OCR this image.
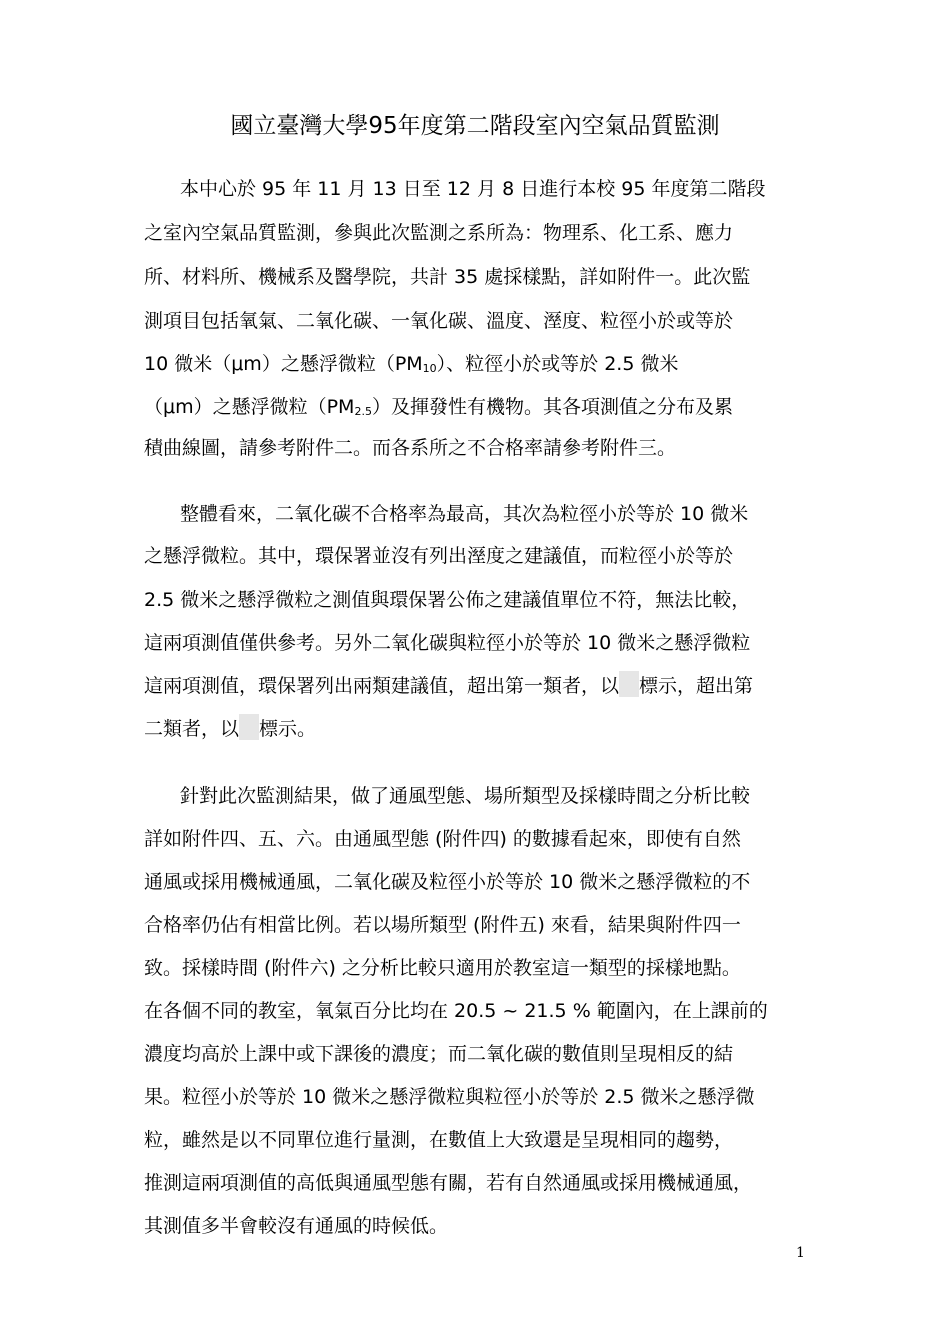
國立臺灣大學95年度第二階段室內空氣品質監測
本中心於 95 年 11 月 13 日至 12 月 8 日進行本校 95 年度第二階段
之室內空氣品質監測，參與此次監測之系所為：物理系、化工系、應力
所、材料所、機械系及醫學院，共計 35 處採樣點，詳如附件一。此次監
測項目包括氧氣、二氧化碳、一氧化碳、溫度、溼度、粒徑小於或等於
10 微米（μm）之懸浮微粒（PM10）、粒徑小於或等於 2.5 微米
（μm）之懸浮微粒（PM2.5）及揮發性有機物。其各項測值之分布及累
積曲線圖，請參考附件二。而各系所之不合格率請參考附件三。
整體看來，二氧化碳不合格率為最高，其次為粒徑小於等於 10 微米
之懸浮微粒。其中，環保署並沒有列出溼度之建議值，而粒徑小於等於
2.5 微米之懸浮微粒之測值與環保署公佈之建議值單位不符，無法比較，
這兩項測值僅供參考。另外二氧化碳與粒徑小於等於 10 微米之懸浮微粒
這兩項測值，環保署列出兩類建議值，超出第一類者，以 標示，超出第
二類者，以 標示。
針對此次監測結果，做了通風型態、場所類型及採樣時間之分析比較
詳如附件四、五、六。由通風型態 (附件四) 的數據看起來，即使有自然
通風或採用機械通風，二氧化碳及粒徑小於等於 10 微米之懸浮微粒的不
合格率仍佔有相當比例。若以場所類型 (附件五) 來看，結果與附件四一
致。採樣時間 (附件六) 之分析比較只適用於教室這一類型的採樣地點。
在各個不同的教室，氧氣百分比均在 20.5 ~ 21.5 % 範圍內，在上課前的
濃度均高於上課中或下課後的濃度；而二氧化碳的數值則呈現相反的結
果。粒徑小於等於 10 微米之懸浮微粒與粒徑小於等於 2.5 微米之懸浮微
粒，雖然是以不同單位進行量測，在數值上大致還是呈現相同的趨勢，
推測這兩項測值的高低與通風型態有關，若有自然通風或採用機械通風，
其測值多半會較沒有通風的時候低。
1
